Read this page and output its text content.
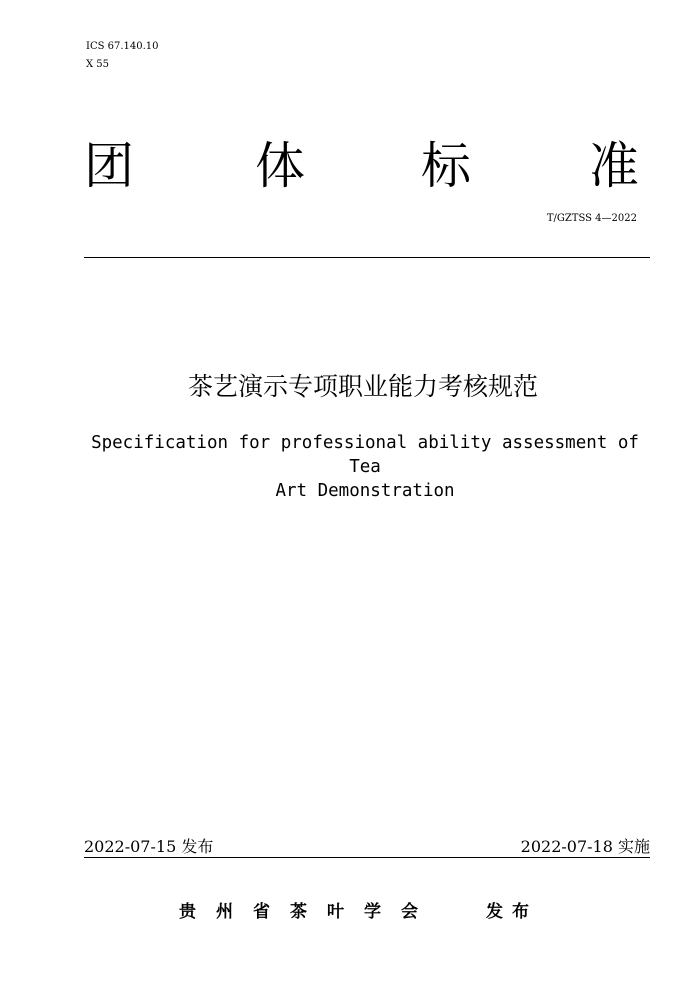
ICS 67.140.10
X 55
团 体 标 准
T/GZTSS 4—2022
茶艺演示专项职业能力考核规范
Specification for professional ability assessment of Tea
Art Demonstration
2022-07-15 发布	2022-07-18 实施
贵州省茶叶学会	发布
